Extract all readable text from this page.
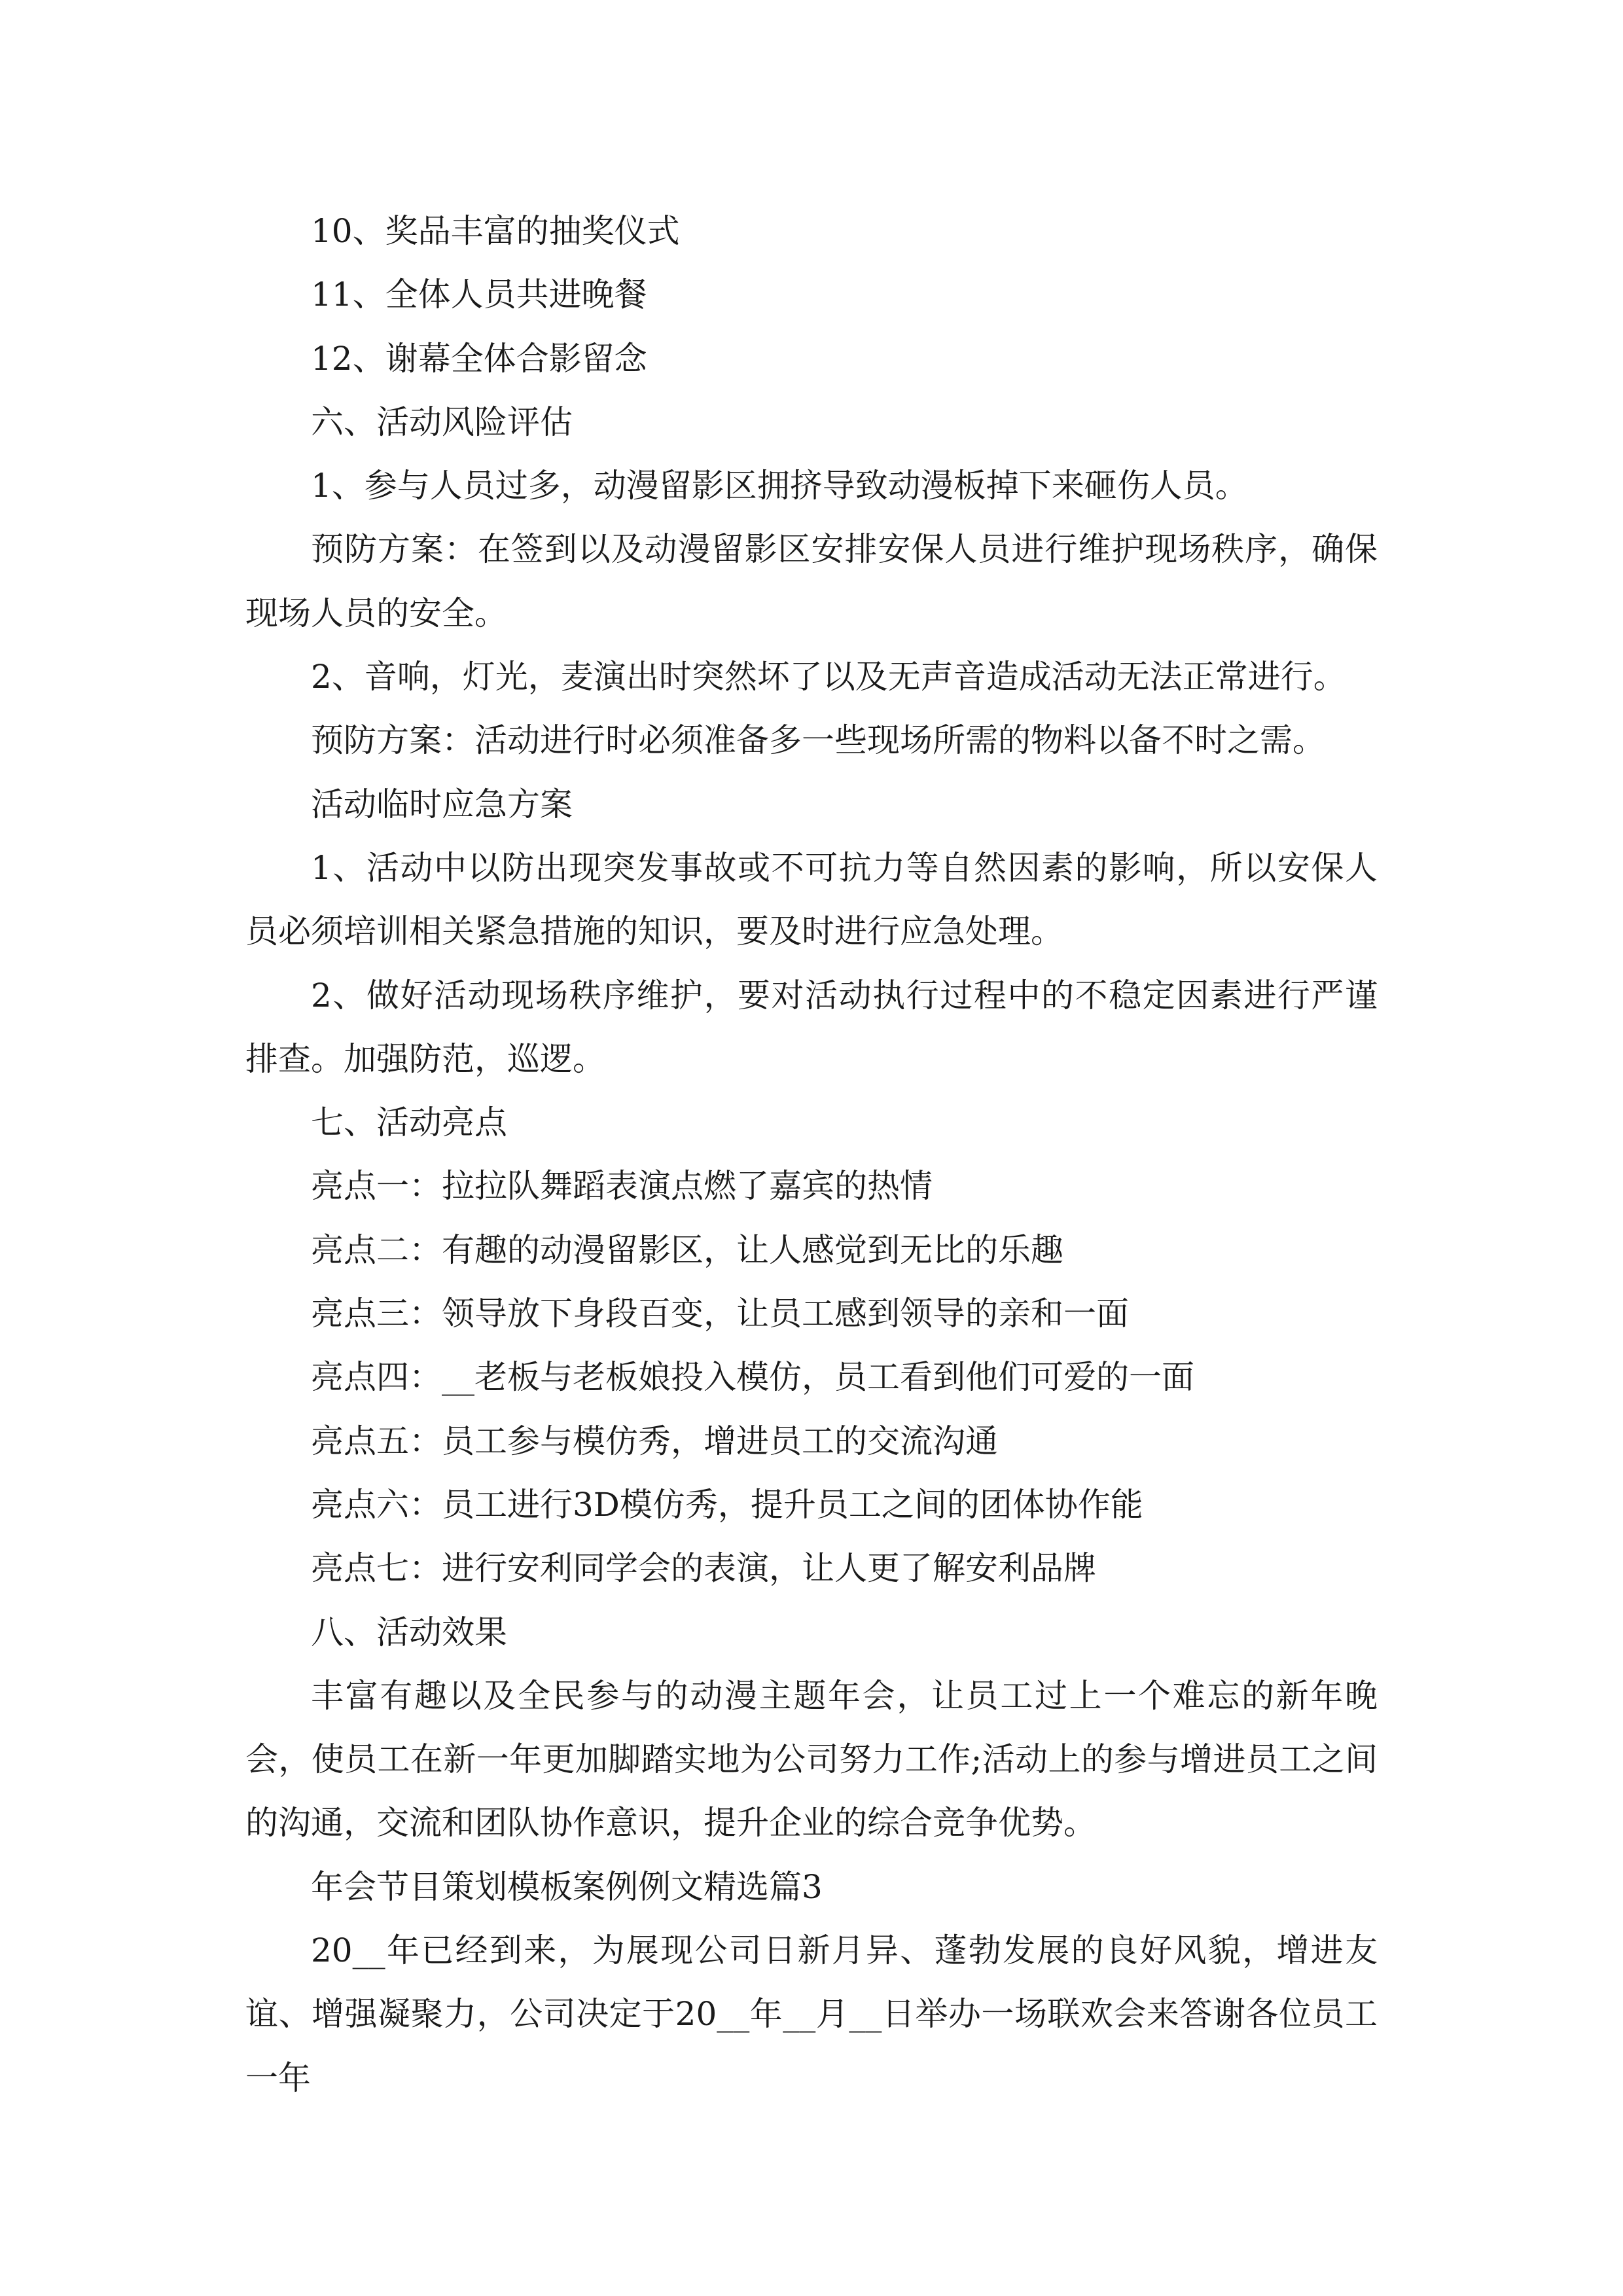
10、奖品丰富的抽奖仪式

11、全体人员共进晚餐

12、谢幕全体合影留念

六、活动风险评估

1、参与人员过多，动漫留影区拥挤导致动漫板掉下来砸伤人员。

预防方案：在签到以及动漫留影区安排安保人员进行维护现场秩序，确保现场人员的安全。

2、音响，灯光，麦演出时突然坏了以及无声音造成活动无法正常进行。

预防方案：活动进行时必须准备多一些现场所需的物料以备不时之需。

活动临时应急方案

1、活动中以防出现突发事故或不可抗力等自然因素的影响，所以安保人员必须培训相关紧急措施的知识，要及时进行应急处理。

2、做好活动现场秩序维护，要对活动执行过程中的不稳定因素进行严谨排查。加强防范，巡逻。

七、活动亮点

亮点一：拉拉队舞蹈表演点燃了嘉宾的热情

亮点二：有趣的动漫留影区，让人感觉到无比的乐趣

亮点三：领导放下身段百变，让员工感到领导的亲和一面

亮点四：__老板与老板娘投入模仿，员工看到他们可爱的一面

亮点五：员工参与模仿秀，增进员工的交流沟通

亮点六：员工进行3D模仿秀，提升员工之间的团体协作能

亮点七：进行安利同学会的表演，让人更了解安利品牌

八、活动效果

丰富有趣以及全民参与的动漫主题年会，让员工过上一个难忘的新年晚会，使员工在新一年更加脚踏实地为公司努力工作;活动上的参与增进员工之间的沟通，交流和团队协作意识，提升企业的综合竞争优势。

年会节目策划模板案例例文精选篇3

20__年已经到来，为展现公司日新月异、蓬勃发展的良好风貌，增进友谊、增强凝聚力，公司决定于20__年__月__日举办一场联欢会来答谢各位员工一年
